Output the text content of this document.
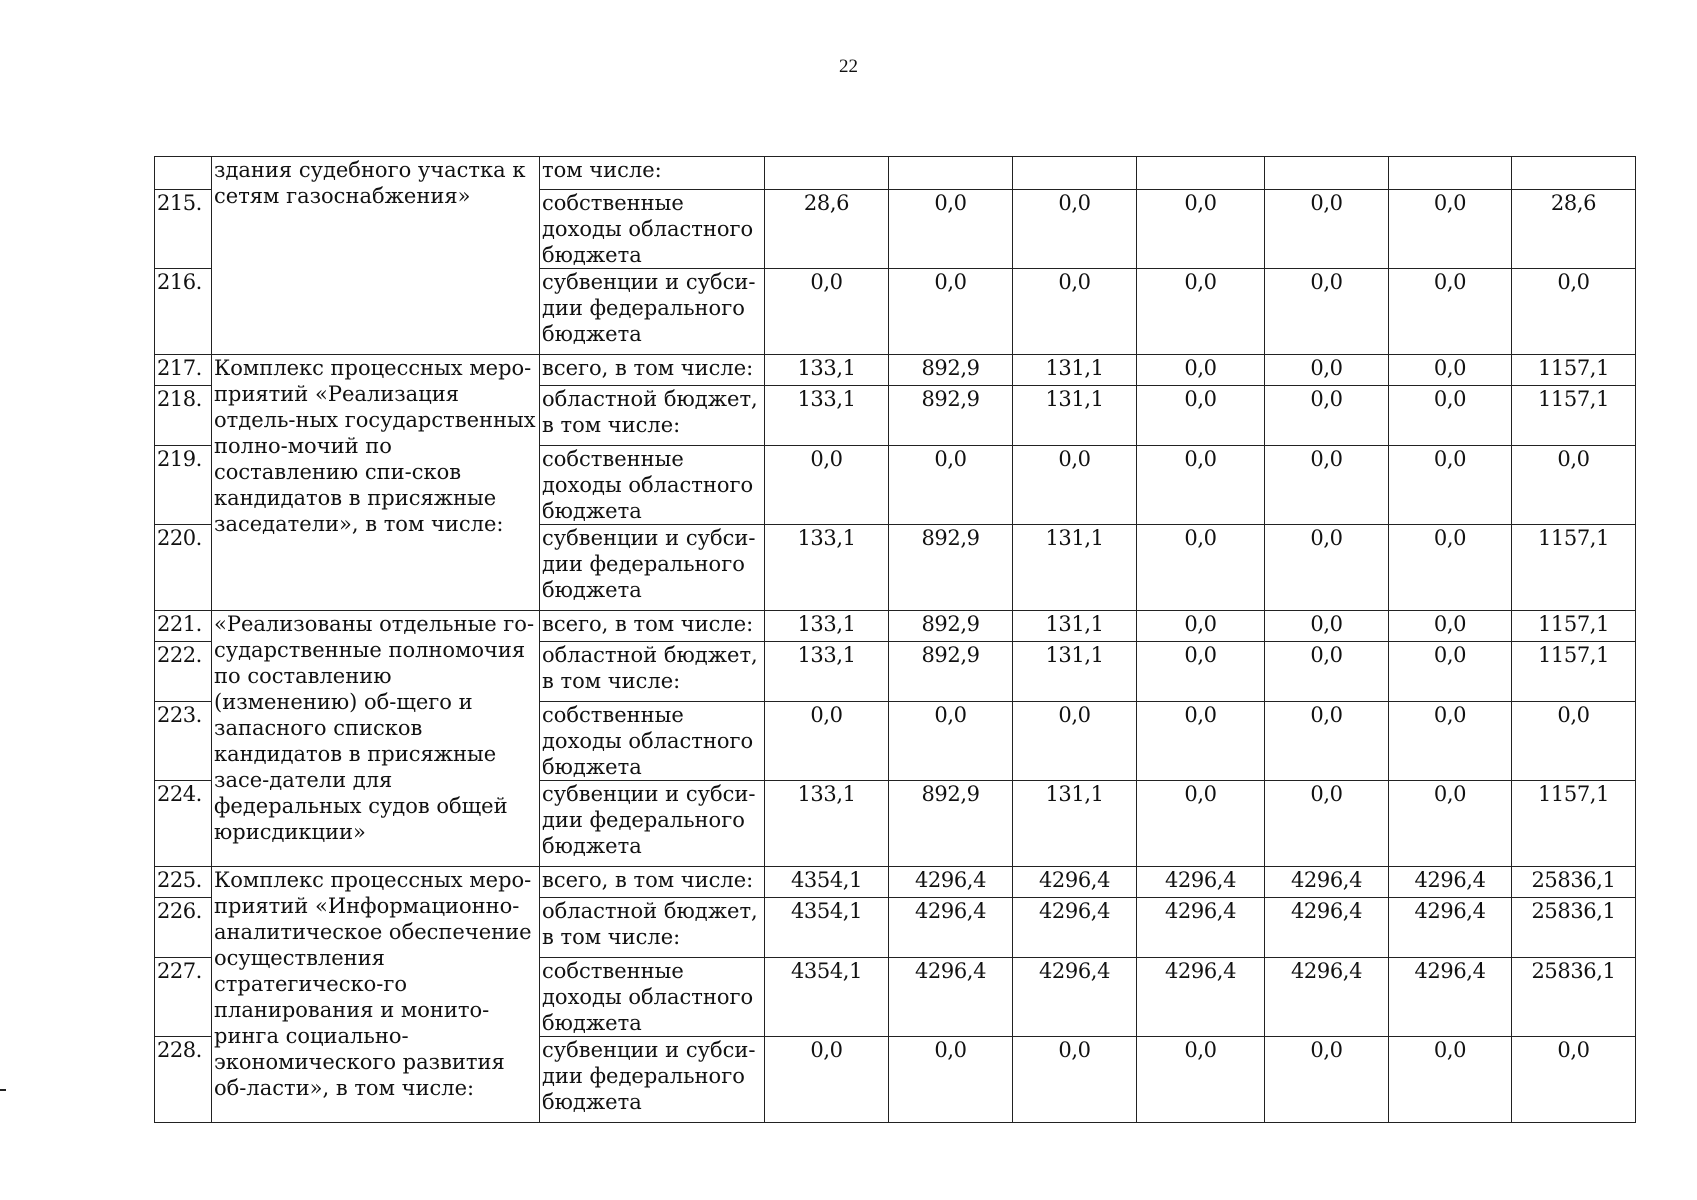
22
	здания судебного участка к сетям газоснабжения»	том числе:							
215.		собственные доходы областного бюджета	28,6	0,0	0,0	0,0	0,0	0,0	28,6
216.		субвенции и субси-дии федерального бюджета	0,0	0,0	0,0	0,0	0,0	0,0	0,0
217.	Комплекс процессных меро-приятий «Реализация отдель-ных государственных полно-мочий по составлению спи-сков кандидатов в присяжные заседатели», в том числе:	всего, в том числе:	133,1	892,9	131,1	0,0	0,0	0,0	1157,1
218.		областной бюджет, в том числе:	133,1	892,9	131,1	0,0	0,0	0,0	1157,1
219.		собственные доходы областного бюджета	0,0	0,0	0,0	0,0	0,0	0,0	0,0
220.		субвенции и субси-дии федерального бюджета	133,1	892,9	131,1	0,0	0,0	0,0	1157,1
221.	«Реализованы отдельные го-сударственные полномочия по составлению (изменению) об-щего и запасного списков кандидатов в присяжные засе-датели для федеральных судов общей юрисдикции»	всего, в том числе:	133,1	892,9	131,1	0,0	0,0	0,0	1157,1
222.		областной бюджет, в том числе:	133,1	892,9	131,1	0,0	0,0	0,0	1157,1
223.		собственные доходы областного бюджета	0,0	0,0	0,0	0,0	0,0	0,0	0,0
224.		субвенции и субси-дии федерального бюджета	133,1	892,9	131,1	0,0	0,0	0,0	1157,1
225.	Комплекс процессных меро-приятий «Информационно-аналитическое обеспечение осуществления стратегическо-го планирования и монито-ринга социально-экономического развития об-ласти», в том числе:	всего, в том числе:	4354,1	4296,4	4296,4	4296,4	4296,4	4296,4	25836,1
226.		областной бюджет, в том числе:	4354,1	4296,4	4296,4	4296,4	4296,4	4296,4	25836,1
227.		собственные доходы областного бюджета	4354,1	4296,4	4296,4	4296,4	4296,4	4296,4	25836,1
228.		субвенции и субси-дии федерального бюджета	0,0	0,0	0,0	0,0	0,0	0,0	0,0
